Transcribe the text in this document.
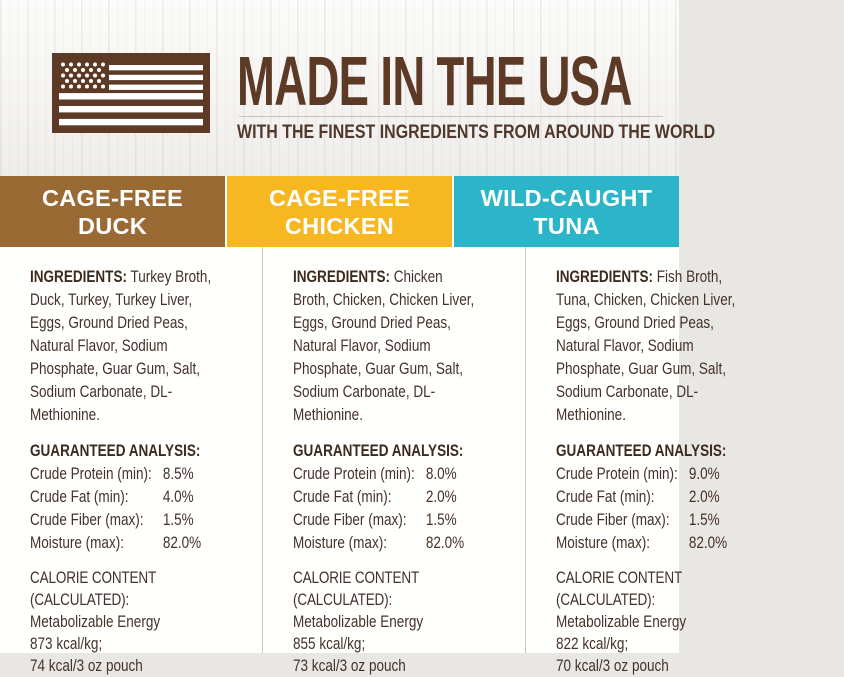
MADE IN THE USA
WITH THE FINEST INGREDIENTS FROM AROUND THE WORLD
CAGE-FREE
DUCK
CAGE-FREE
CHICKEN
WILD-CAUGHT
TUNA

INGREDIENTS: Turkey Broth, Duck, Turkey, Turkey Liver, Eggs, Ground Dried Peas, Natural Flavor, Sodium Phosphate, Guar Gum, Salt, Sodium Carbonate, DL-Methionine.

GUARANTEED ANALYSIS:
Crude Protein (min): 8.5%
Crude Fat (min):	4.0%
Crude Fiber (max):	1.5%
Moisture (max):	82.0%
CALORIE CONTENT (CALCULATED):
Metabolizable Energy
873 kcal/kg;
74 kcal/3 oz pouch

INGREDIENTS: Chicken Broth, Chicken, Chicken Liver, Eggs, Ground Dried Peas, Natural Flavor, Sodium Phosphate, Guar Gum, Salt, Sodium Carbonate, DL-Methionine.

GUARANTEED ANALYSIS:
Crude Protein (min): 8.0%
Crude Fat (min):	2.0%
Crude Fiber (max):	1.5%
Moisture (max):	82.0%
CALORIE CONTENT (CALCULATED):
Metabolizable Energy
855 kcal/kg;
73 kcal/3 oz pouch

INGREDIENTS: Fish Broth, Tuna, Chicken, Chicken Liver, Eggs, Ground Dried Peas, Natural Flavor, Sodium Phosphate, Guar Gum, Salt, Sodium Carbonate, DL-Methionine.

GUARANTEED ANALYSIS:
Crude Protein (min): 9.0%
Crude Fat (min):	2.0%
Crude Fiber (max):	1.5%
Moisture (max):	82.0%
CALORIE CONTENT (CALCULATED):
Metabolizable Energy
822 kcal/kg;
70 kcal/3 oz pouch
